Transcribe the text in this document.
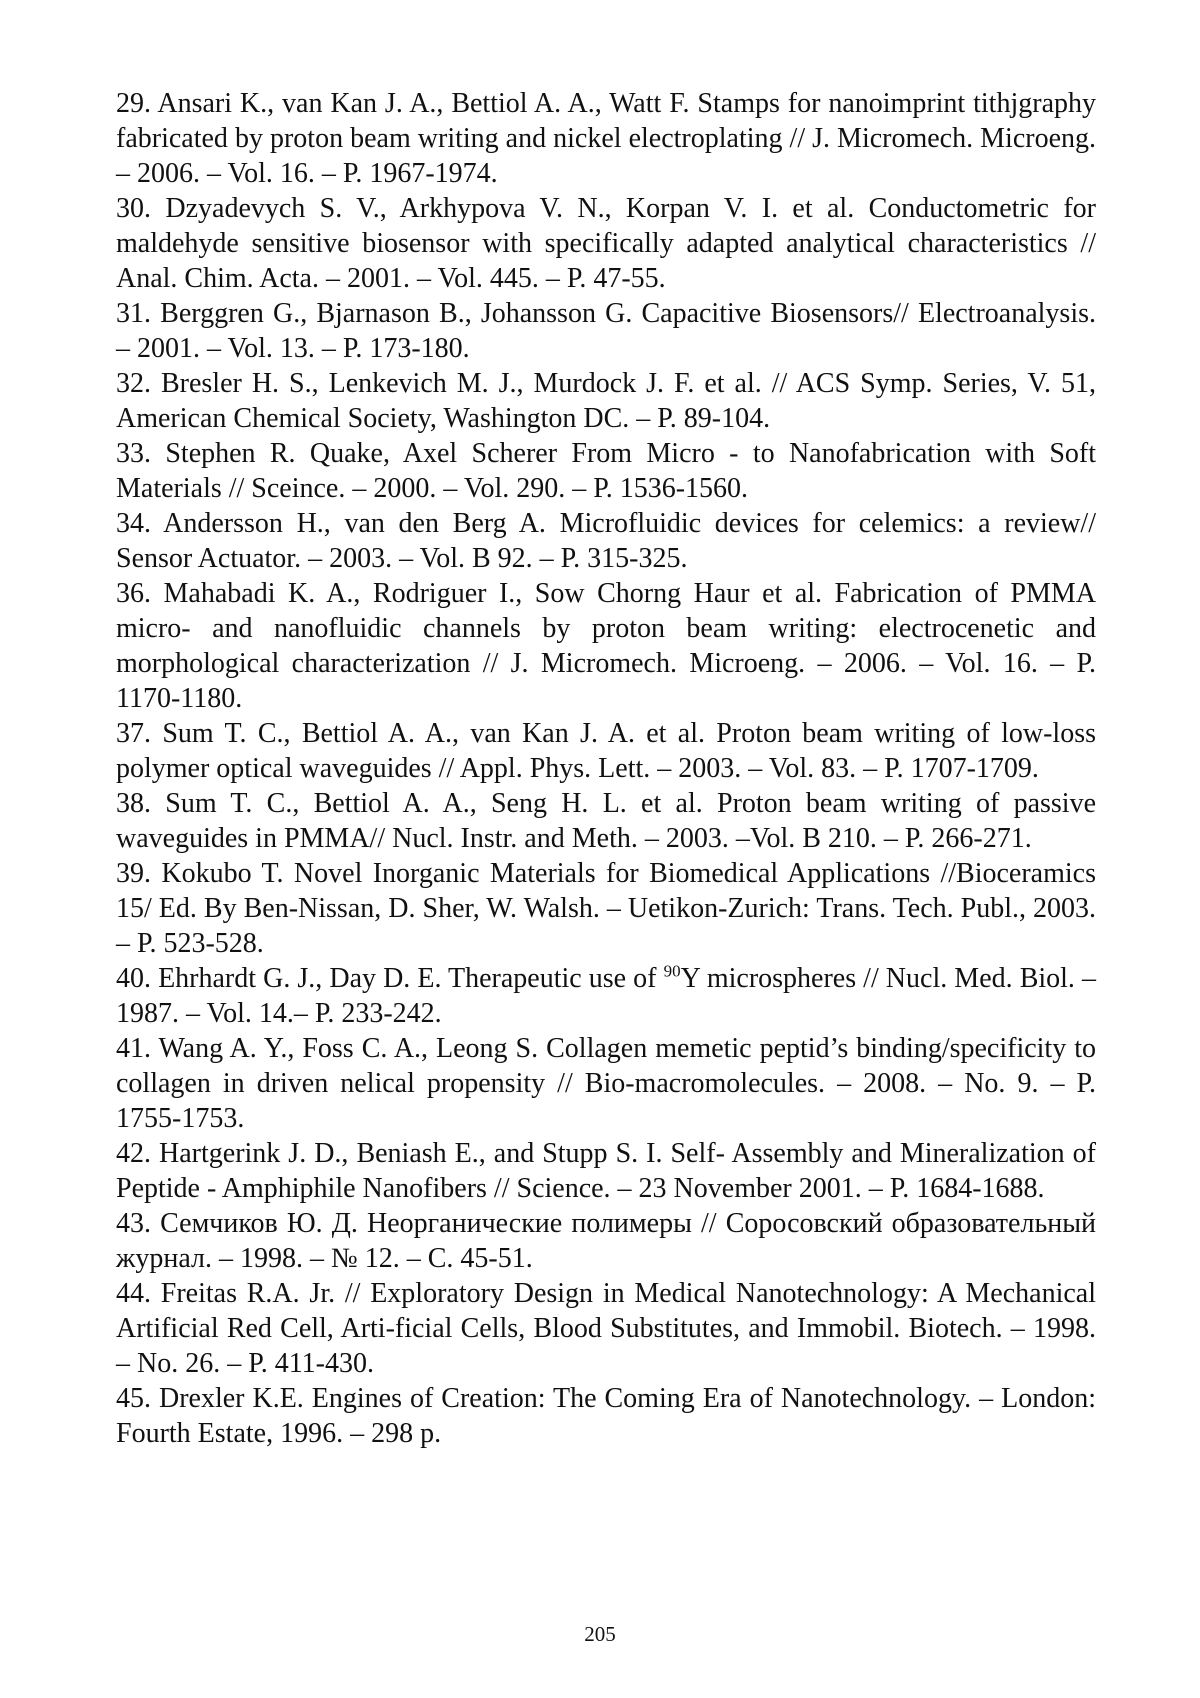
29. Ansari K., van Kan J. A., Bettiol A. A., Watt F. Stamps for nanoimprint tithjgraphy fabricated by proton beam writing and nickel electroplating // J. Micromech. Microeng. – 2006. – Vol. 16. – P. 1967-1974.
30. Dzyadevych S. V., Arkhypova V. N., Korpan V. I. et al. Conductometric for maldehyde sensitive biosensor with specifically adapted analytical characteristics // Anal. Chim. Acta. – 2001. – Vol. 445. – P. 47-55.
31. Berggren G., Bjarnason B., Johansson G. Capacitive Biosensors// Electroanalysis. – 2001. – Vol. 13. – P. 173-180.
32. Bresler H. S., Lenkevich M. J., Murdock J. F. et al. // ACS Symp. Series, V. 51, American Chemical Society, Washington DC. – P. 89-104.
33. Stephen R. Quake, Axel Scherer From Micro - to Nanofabrication with Soft Materials // Sceince. – 2000. – Vol. 290. – P. 1536-1560.
34. Andersson H., van den Berg A. Microfluidic devices for celemics: a review// Sensor Actuator. – 2003. – Vol. B 92. – P. 315-325.
36. Mahabadi K. A., Rodriguer I., Sow Chorng Haur et al. Fabrication of PMMA micro- and nanofluidic channels by proton beam writing: electrocenetic and morphological characterization // J. Micromech. Microeng. – 2006. – Vol. 16. – P. 1170-1180.
37. Sum T. C., Bettiol A. A., van Kan J. A. et al. Proton beam writing of low-loss polymer optical waveguides // Appl. Phys. Lett. – 2003. – Vol. 83. – P. 1707-1709.
38. Sum T. C., Bettiol A. A., Seng H. L. et al. Proton beam writing of passive waveguides in PMMA// Nucl. Instr. and Meth. – 2003. –Vol. B 210. – P. 266-271.
39. Kokubo T. Novel Inorganic Materials for Biomedical Applications //Bioceramics 15/ Ed. By Ben-Nissan, D. Sher, W. Walsh. – Uetikon-Zurich: Trans. Tech. Publ., 2003. – P. 523-528.
40. Ehrhardt G. J., Day D. E. Therapeutic use of $^{90}$Y microspheres // Nucl. Med. Biol. – 1987. – Vol. 14.– P. 233-242.
41. Wang A. Y., Foss C. A., Leong S. Collagen memetic peptid’s binding/specificity to collagen in driven nelical propensity // Bio-macromolecules. – 2008. – No. 9. – P. 1755-1753.
42. Hartgerink J. D., Beniash E., and Stupp S. I. Self- Assembly and Mineralization of Peptide - Amphiphile Nanofibers // Science. – 23 November 2001. – P. 1684-1688.
43. Семчиков Ю. Д. Неорганические полимеры // Соросовский образовательный журнал. – 1998. – № 12. – С. 45-51.
44. Freitas R.A. Jr. // Exploratory Design in Medical Nanotechnology: A Mechanical Artificial Red Cell, Arti-ficial Cells, Blood Substitutes, and Immobil. Biotech. – 1998. – No. 26. – P. 411-430.
45. Drexler K.E. Engines of Creation: The Coming Era of Nanotechnology. – London: Fourth Estate, 1996. – 298 p.
205
